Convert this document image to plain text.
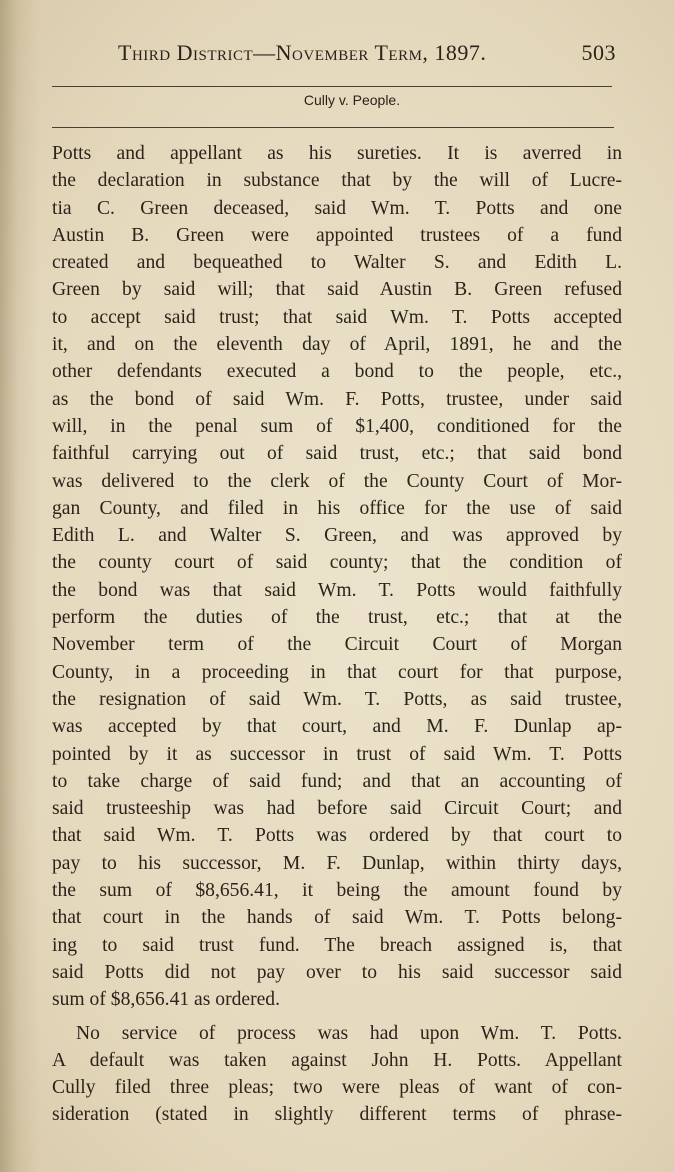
Third District—November Term, 1897.	503
Cully v. People.
Potts and appellant as his sureties. It is averred in
the declaration in substance that by the will of Lucre-
tia C. Green deceased, said Wm. T. Potts and one
Austin B. Green were appointed trustees of a fund
created and bequeathed to Walter S. and Edith L.
Green by said will; that said Austin B. Green refused
to accept said trust; that said Wm. T. Potts accepted
it, and on the eleventh day of April, 1891, he and the
other defendants executed a bond to the people, etc.,
as the bond of said Wm. F. Potts, trustee, under said
will, in the penal sum of $1,400, conditioned for the
faithful carrying out of said trust, etc.; that said bond
was delivered to the clerk of the County Court of Mor-
gan County, and filed in his office for the use of said
Edith L. and Walter S. Green, and was approved by
the county court of said county; that the condition of
the bond was that said Wm. T. Potts would faithfully
perform the duties of the trust, etc.; that at the
November term of the Circuit Court of Morgan
County, in a proceeding in that court for that purpose,
the resignation of said Wm. T. Potts, as said trustee,
was accepted by that court, and M. F. Dunlap ap-
pointed by it as successor in trust of said Wm. T. Potts
to take charge of said fund; and that an accounting of
said trusteeship was had before said Circuit Court; and
that said Wm. T. Potts was ordered by that court to
pay to his successor, M. F. Dunlap, within thirty days,
the sum of $8,656.41, it being the amount found by
that court in the hands of said Wm. T. Potts belong-
ing to said trust fund. The breach assigned is, that
said Potts did not pay over to his said successor said
sum of $8,656.41 as ordered.
No service of process was had upon Wm. T. Potts.
A default was taken against John H. Potts. Appellant
Cully filed three pleas; two were pleas of want of con-
sideration (stated in slightly different terms of phrase-
